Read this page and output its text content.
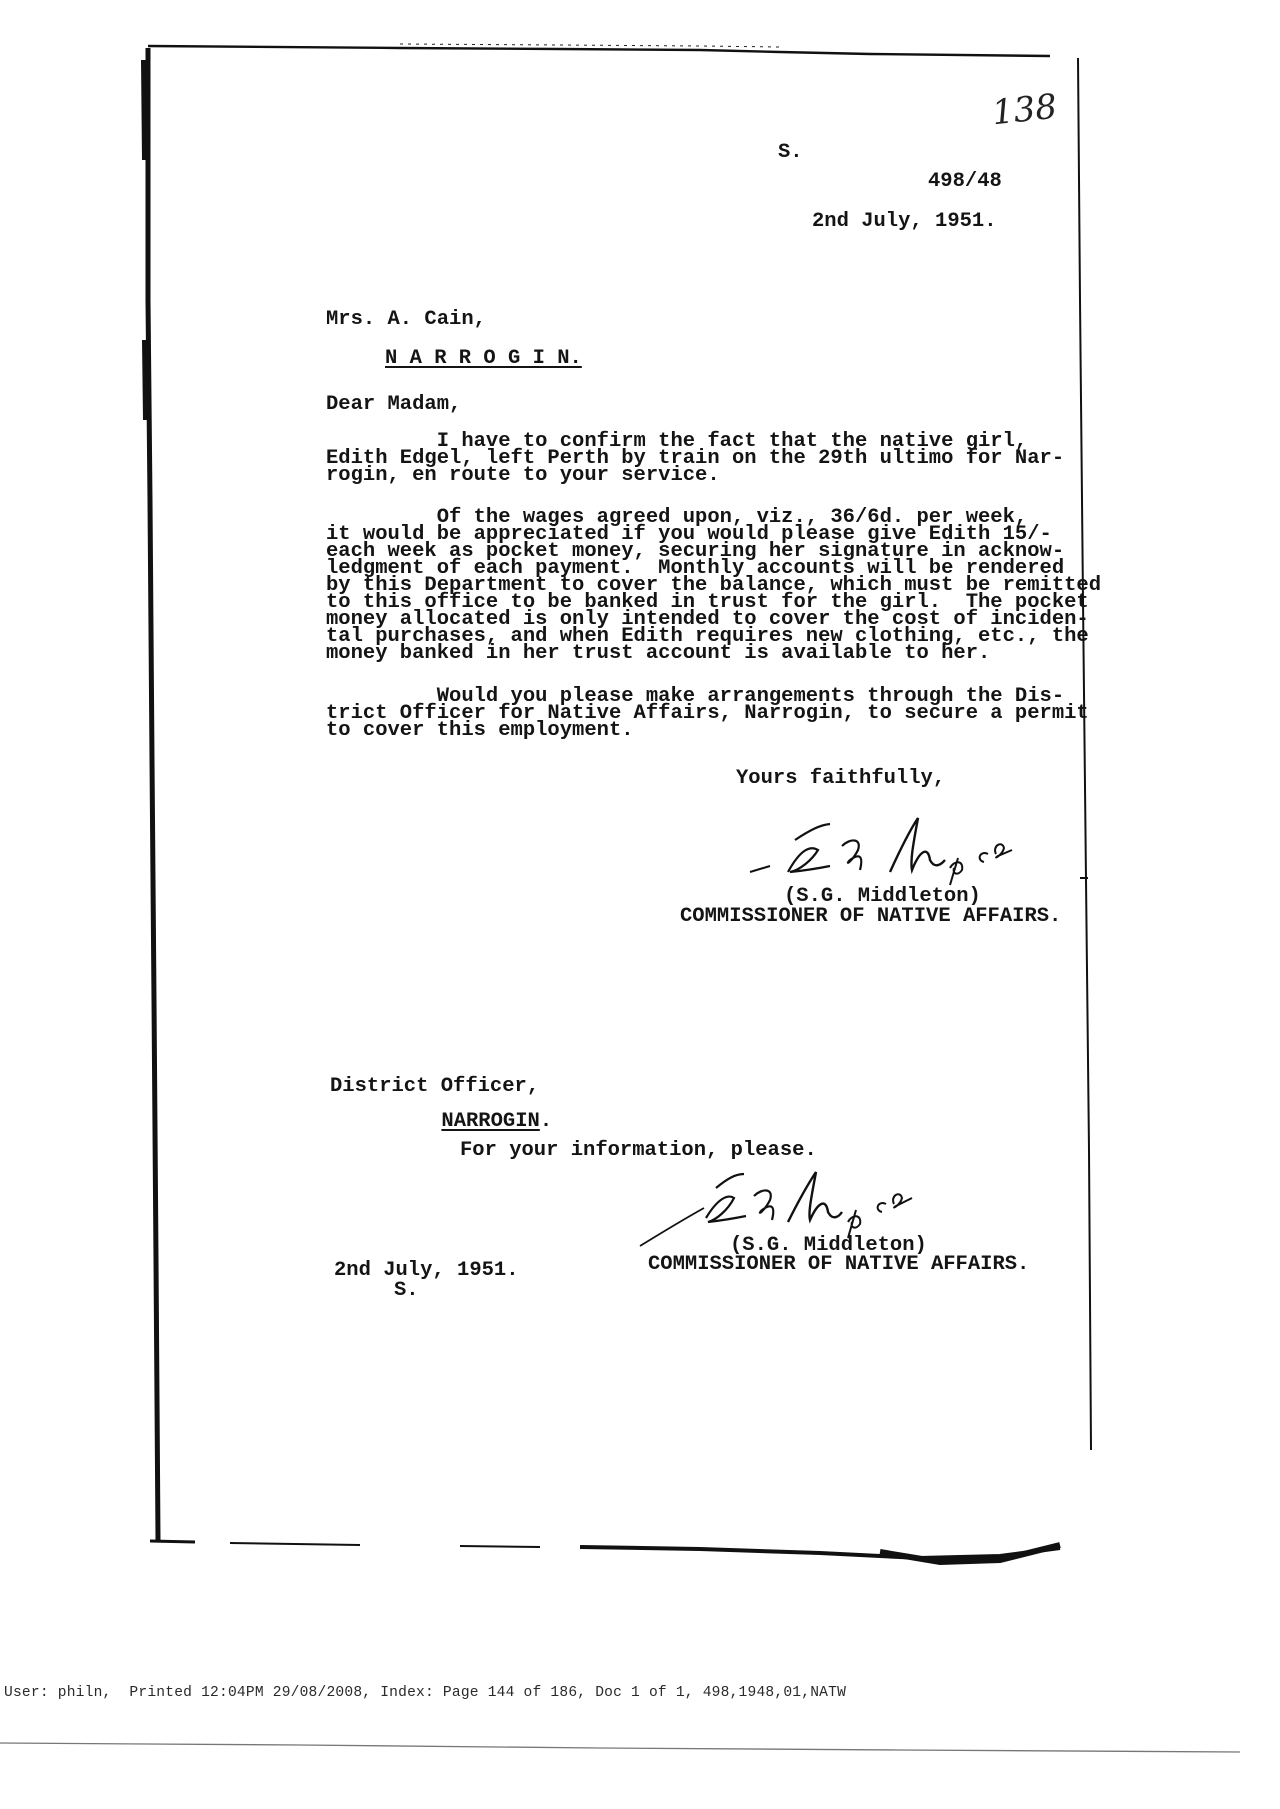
138
S.
498/48
2nd July, 1951.
Mrs. A. Cain,
N A R R O G I N.
Dear Madam,
I have to confirm the fact that the native girl,
Edith Edgel, left Perth by train on the 29th ultimo for Nar-
rogin, en route to your service.
Of the wages agreed upon, viz., 36/6d. per week,
it would be appreciated if you would please give Edith 15/-
each week as pocket money, securing her signature in acknow-
ledgment of each payment.  Monthly accounts will be rendered
by this Department to cover the balance, which must be remitted
to this office to be banked in trust for the girl.  The pocket
money allocated is only intended to cover the cost of inciden-
tal purchases, and when Edith requires new clothing, etc., the
money banked in her trust account is available to her.
Would you please make arrangements through the Dis-
trict Officer for Native Affairs, Narrogin, to secure a permit
to cover this employment.
Yours faithfully,
(S.G. Middleton)
COMMISSIONER OF NATIVE AFFAIRS.
District Officer,

NARROGIN.

For your information, please.
(S.G. Middleton)
COMMISSIONER OF NATIVE AFFAIRS.
2nd July, 1951.
S.
User: philn,  Printed 12:04PM 29/08/2008, Index: Page 144 of 186, Doc 1 of 1, 498,1948,01,NATW
